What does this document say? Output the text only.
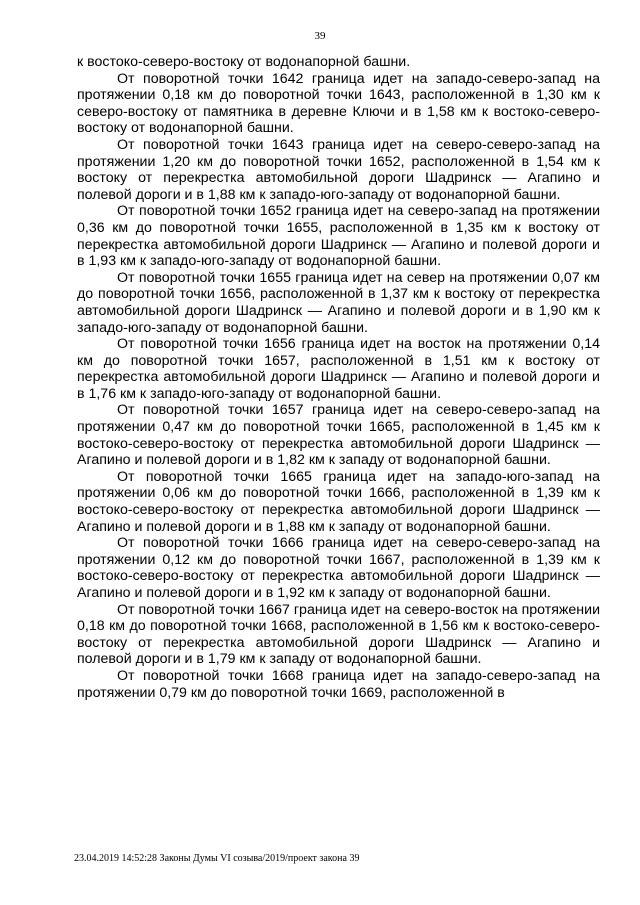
39

к востоко-северо-востоку от водонапорной башни.

От поворотной точки 1642 граница идет на западо-северо-запад на протяжении 0,18 км до поворотной точки 1643, расположенной в 1,30 км к северо-востоку от памятника в деревне Ключи и в 1,58 км к востоко-северо-востоку от водонапорной башни.

От поворотной точки 1643 граница идет на северо-северо-запад на протяжении 1,20 км до поворотной точки 1652, расположенной в 1,54 км к востоку от перекрестка автомобильной дороги Шадринск — Агапино и полевой дороги и в 1,88 км к западо-юго-западу от водонапорной башни.

От поворотной точки 1652 граница идет на северо-запад на протяжении 0,36 км до поворотной точки 1655, расположенной в 1,35 км к востоку от перекрестка автомобильной дороги Шадринск — Агапино и полевой дороги и в 1,93 км к западо-юго-западу от водонапорной башни.

От поворотной точки 1655 граница идет на север на протяжении 0,07 км до поворотной точки 1656, расположенной в 1,37 км к востоку от перекрестка автомобильной дороги Шадринск — Агапино и полевой дороги и в 1,90 км к западо-юго-западу от водонапорной башни.

От поворотной точки 1656 граница идет на восток на протяжении 0,14 км до поворотной точки 1657, расположенной в 1,51 км к востоку от перекрестка автомобильной дороги Шадринск — Агапино и полевой дороги и в 1,76 км к западо-юго-западу от водонапорной башни.

От поворотной точки 1657 граница идет на северо-северо-запад на протяжении 0,47 км до поворотной точки 1665, расположенной в 1,45 км к востоко-северо-востоку от перекрестка автомобильной дороги Шадринск — Агапино и полевой дороги и в 1,82 км к западу от водонапорной башни.

От поворотной точки 1665 граница идет на западо-юго-запад на протяжении 0,06 км до поворотной точки 1666, расположенной в 1,39 км к востоко-северо-востоку от перекрестка автомобильной дороги Шадринск — Агапино и полевой дороги и в 1,88 км к западу от водонапорной башни.

От поворотной точки 1666 граница идет на северо-северо-запад на протяжении 0,12 км до поворотной точки 1667, расположенной в 1,39 км к востоко-северо-востоку от перекрестка автомобильной дороги Шадринск — Агапино и полевой дороги и в 1,92 км к западу от водонапорной башни.

От поворотной точки 1667 граница идет на северо-восток на протяжении 0,18 км до поворотной точки 1668, расположенной в 1,56 км к востоко-северо-востоку от перекрестка автомобильной дороги Шадринск — Агапино и полевой дороги и в 1,79 км к западу от водонапорной башни.

От поворотной точки 1668 граница идет на западо-северо-запад на протяжении 0,79 км до поворотной точки 1669, расположенной в

23.04.2019 14:52:28 Законы Думы VI созыва/2019/проект закона 39
